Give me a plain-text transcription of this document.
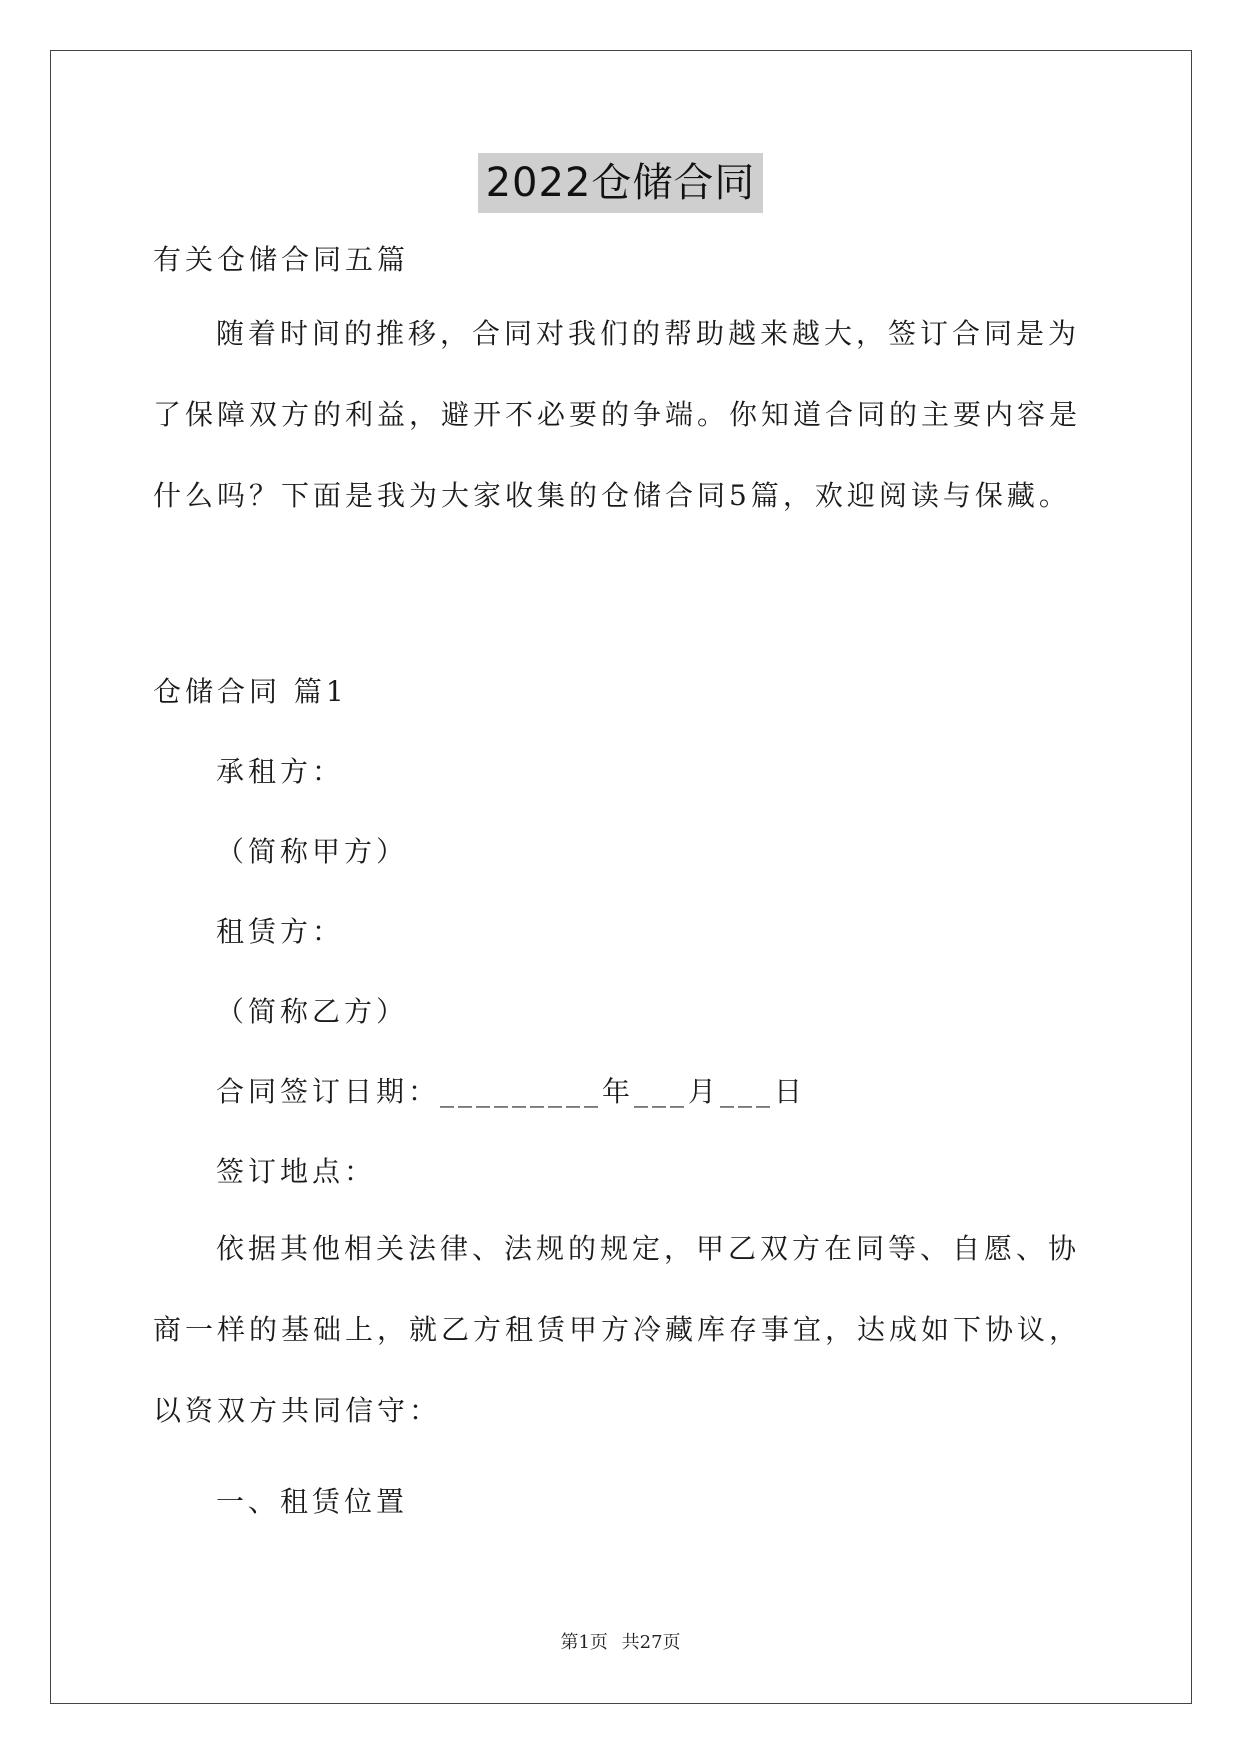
2022仓储合同

有关仓储合同五篇

随着时间的推移，合同对我们的帮助越来越大，签订合同是为了保障双方的利益，避开不必要的争端。你知道合同的主要内容是什么吗？下面是我为大家收集的仓储合同5篇，欢迎阅读与保藏。

仓储合同 篇1

承租方：

（简称甲方）

租赁方：

（简称乙方）

合同签订日期：_________年___月___日

签订地点：

依据其他相关法律、法规的规定，甲乙双方在同等、自愿、协商一样的基础上，就乙方租赁甲方冷藏库存事宜，达成如下协议，以资双方共同信守：

一、租赁位置

第1页 共27页
